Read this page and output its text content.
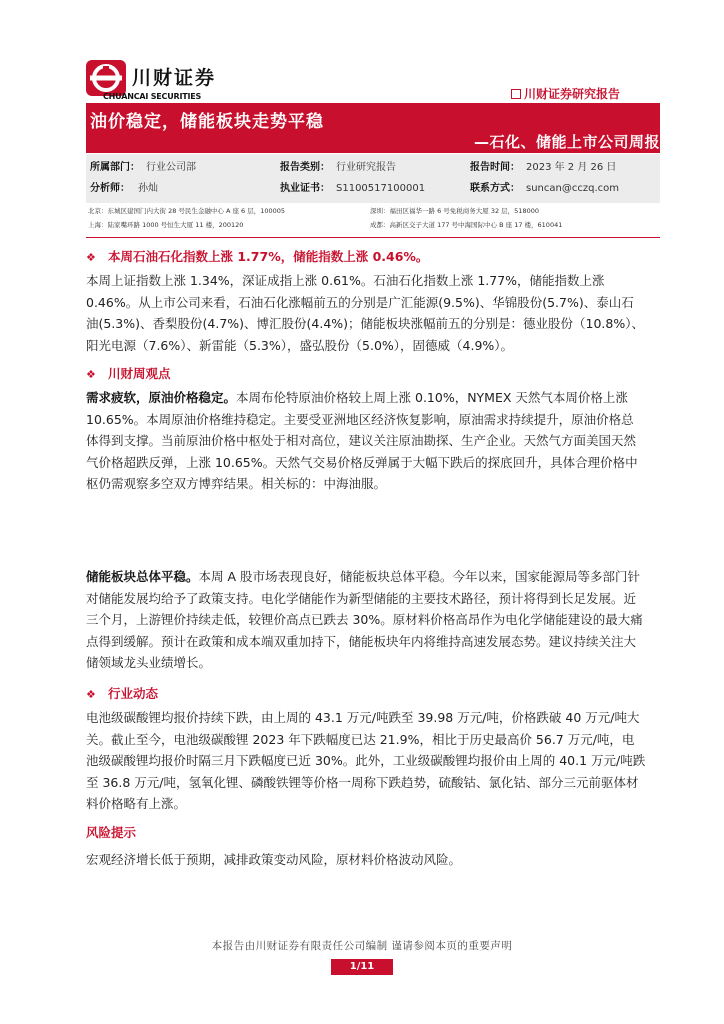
川财证券
CHUANCAI SECURITIES	川财证券研究报告
油价稳定，储能板块走势平稳
—石化、储能上市公司周报
所属部门： 行业公司部	报告类别： 行业研究报告	报告时间： 2023 年 2 月 26 日
分析师： 孙灿	执业证书： S1100517100001	联系方式： suncan@cczq.com
北京：东城区建国门内大街 28 号民生金融中心 A 座 6 层，100005	深圳：福田区福华一路 6 号免税商务大厦 32 层，518000
上海：陆家嘴环路 1000 号恒生大厦 11 楼，200120	成都：高新区交子大道 177 号中海国际中心 B 座 17 楼，610041
❖ 本周石油石化指数上涨 1.77%，储能指数上涨 0.46%。
本周上证指数上涨 1.34%，深证成指上涨 0.61%。石油石化指数上涨 1.77%，储能指数上涨 0.46%。从上市公司来看，石油石化涨幅前五的分别是广汇能源(9.5%)、华锦股份(5.7%)、泰山石油(5.3%)、香梨股份(4.7%)、博汇股份(4.4%)；储能板块涨幅前五的分别是：德业股份（10.8%）、阳光电源（7.6%）、新雷能（5.3%），盛弘股份（5.0%），固德威（4.9%）。
❖ 川财周观点
需求疲软，原油价格稳定。本周布伦特原油价格较上周上涨 0.10%，NYMEX 天然气本周价格上涨 10.65%。本周原油价格维持稳定。主要受亚洲地区经济恢复影响，原油需求持续提升，原油价格总体得到支撑。当前原油价格中枢处于相对高位，建议关注原油勘探、生产企业。天然气方面美国天然气价格超跌反弹，上涨 10.65%。天然气交易价格反弹属于大幅下跌后的探底回升，具体合理价格中枢仍需观察多空双方博弈结果。相关标的：中海油服。
储能板块总体平稳。本周 A 股市场表现良好，储能板块总体平稳。今年以来，国家能源局等多部门针对储能发展均给予了政策支持。电化学储能作为新型储能的主要技术路径，预计将得到长足发展。近三个月，上游锂价持续走低，较锂价高点已跌去 30%。原材料价格高昂作为电化学储能建设的最大痛点得到缓解。预计在政策和成本端双重加持下，储能板块年内将维持高速发展态势。建议持续关注大储领域龙头业绩增长。
❖ 行业动态
电池级碳酸锂均报价持续下跌，由上周的 43.1 万元/吨跌至 39.98 万元/吨，价格跌破 40 万元/吨大关。截止至今，电池级碳酸锂 2023 年下跌幅度已达 21.9%，相比于历史最高价 56.7 万元/吨，电池级碳酸锂均报价时隔三月下跌幅度已近 30%。此外，工业级碳酸锂均报价由上周的 40.1 万元/吨跌至 36.8 万元/吨，氢氧化锂、磷酸铁锂等价格一周称下跌趋势，硫酸钴、氯化钴、部分三元前驱体材料价格略有上涨。
风险提示
宏观经济增长低于预期，减排政策变动风险，原材料价格波动风险。
本报告由川财证券有限责任公司编制 谨请参阅本页的重要声明
1/11
